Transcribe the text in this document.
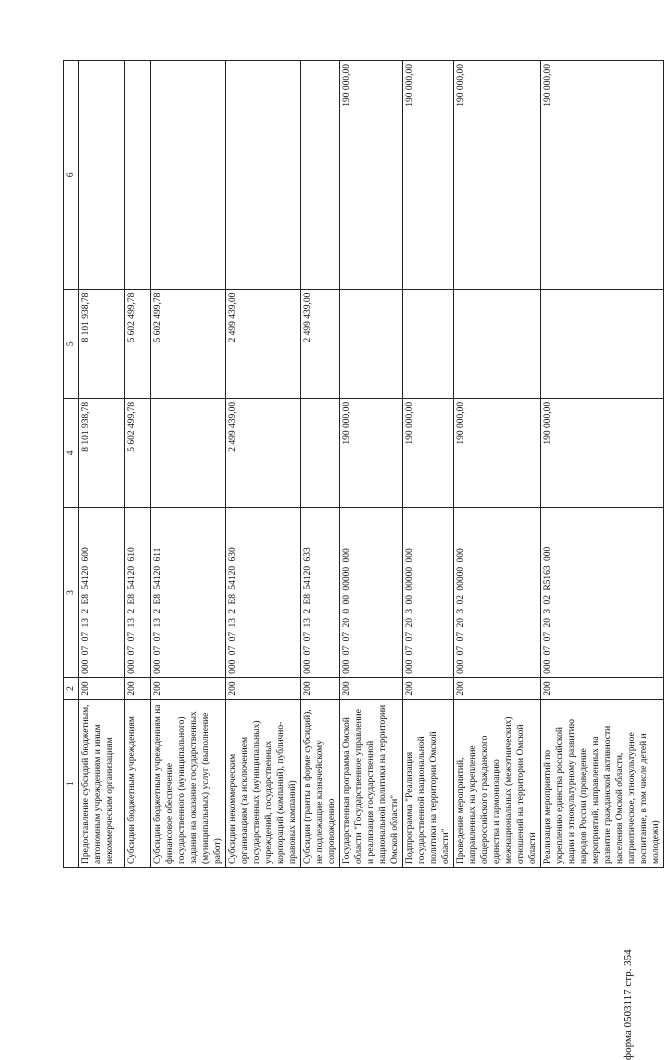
форма 0503117 стр. 354
1	2	3	4	5	6
Предоставление субсидий бюджетным, автономным учреждениям и иным некоммерческим организациям	200	000 07 07 13 2 E8 54120 600	8 101 938,78	8 101 938,78	
Субсидии бюджетным учреждениям	200	000 07 07 13 2 E8 54120 610	5 602 499,78	5 602 499,78	
Субсидии бюджетным учреждениям на финансовое обеспечение государственного (муниципального) задания на оказание государственных (муниципальных) услуг (выполнение работ)	200	000 07 07 13 2 E8 54120 611		5 602 499,78	
Субсидии некоммерческим организациям (за исключением государственных (муниципальных) учреждений, государственных корпораций (компаний), публично-правовых компаний)	200	000 07 07 13 2 E8 54120 630	2 499 439,00	2 499 439,00	
Субсидии (гранты в форме субсидий), не подлежащие казначейскому сопровождению	200	000 07 07 13 2 E8 54120 633		2 499 439,00	
Государственная программа Омской области "Государственное управление и реализация государственной национальной политики на территории Омской области"	200	000 07 07 20 0 00 00000 000	190 000,00		190 000,00
Подпрограмма "Реализация государственной национальной политики на территории Омской области"	200	000 07 07 20 3 00 00000 000	190 000,00		190 000,00
Проведение мероприятий, направленных на укрепление общероссийского гражданского единства и гармонизацию межнациональных (межэтнических) отношений на территории Омской области	200	000 07 07 20 3 02 00000 000	190 000,00		190 000,00
Реализация мероприятий по укреплению единства российской нации и этнокультурному развитию народов России (проведение мероприятий, направленных на развитие гражданской активности населения Омской области, патриотическое, этнокультурное воспитание, в том числе детей и молодежи)	200	000 07 07 20 3 02 R5163 000	190 000,00		190 000,00
